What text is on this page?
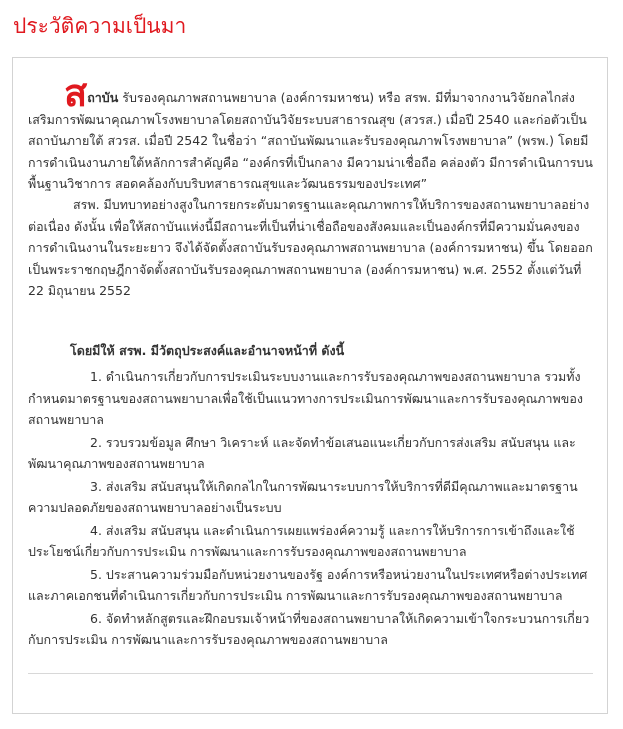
ประวัติความเป็นมา

สถาบัน รับรองคุณภาพสถานพยาบาล (องค์การมหาชน) หรือ สรพ. มีที่มาจากงานวิจัยกลไกส่งเสริมการพัฒนาคุณภาพโรงพยาบาลโดยสถาบันวิจัยระบบสาธารณสุข (สวรส.) เมื่อปี 2540 และก่อตัวเป็นสถาบันภายใต้ สวรส. เมื่อปี 2542 ในชื่อว่า “สถาบันพัฒนาและรับรองคุณภาพโรงพยาบาล” (พรพ.) โดยมีการดำเนินงานภายใต้หลักการสำคัญคือ “องค์กรที่เป็นกลาง มีความน่าเชื่อถือ คล่องตัว มีการดำเนินการบนพื้นฐานวิชาการ สอดคล้องกับบริบทสาธารณสุขและวัฒนธรรมของประเทศ”

สรพ. มีบทบาทอย่างสูงในการยกระดับมาตรฐานและคุณภาพการให้บริการของสถานพยาบาลอย่างต่อเนื่อง ดังนั้น เพื่อให้สถาบันแห่งนี้มีสถานะที่เป็นที่น่าเชื่อถือของสังคมและเป็นองค์กรที่มีความมั่นคงของการดำเนินงานในระยะยาว จึงได้จัดตั้งสถาบันรับรองคุณภาพสถานพยาบาล (องค์การมหาชน) ขึ้น โดยออกเป็นพระราชกฤษฎีกาจัดตั้งสถาบันรับรองคุณภาพสถานพยาบาล (องค์การมหาชน) พ.ศ. 2552 ตั้งแต่วันที่ 22 มิถุนายน 2552

โดยมีให้ สรพ. มีวัตถุประสงค์และอำนาจหน้าที่ ดังนี้

1. ดำเนินการเกี่ยวกับการประเมินระบบงานและการรับรองคุณภาพของสถานพยาบาล รวมทั้งกำหนดมาตรฐานของสถานพยาบาลเพื่อใช้เป็นแนวทางการประเมินการพัฒนาและการรับรองคุณภาพของสถานพยาบาล
2. รวบรวมข้อมูล ศึกษา วิเคราะห์ และจัดทำข้อเสนอแนะเกี่ยวกับการส่งเสริม สนับสนุน และพัฒนาคุณภาพของสถานพยาบาล
3. ส่งเสริม สนับสนุนให้เกิดกลไกในการพัฒนาระบบการให้บริการที่ดีมีคุณภาพและมาตรฐานความปลอดภัยของสถานพยาบาลอย่างเป็นระบบ
4. ส่งเสริม สนับสนุน และดำเนินการเผยแพร่องค์ความรู้ และการให้บริการการเข้าถึงและใช้ประโยชน์เกี่ยวกับการประเมิน การพัฒนาและการรับรองคุณภาพของสถานพยาบาล
5. ประสานความร่วมมือกับหน่วยงานของรัฐ องค์การหรือหน่วยงานในประเทศหรือต่างประเทศ และภาคเอกชนที่ดำเนินการเกี่ยวกับการประเมิน การพัฒนาและการรับรองคุณภาพของสถานพยาบาล
6. จัดทำหลักสูตรและฝึกอบรมเจ้าหน้าที่ของสถานพยาบาลให้เกิดความเข้าใจกระบวนการเกี่ยวกับการประเมิน การพัฒนาและการรับรองคุณภาพของสถานพยาบาล
